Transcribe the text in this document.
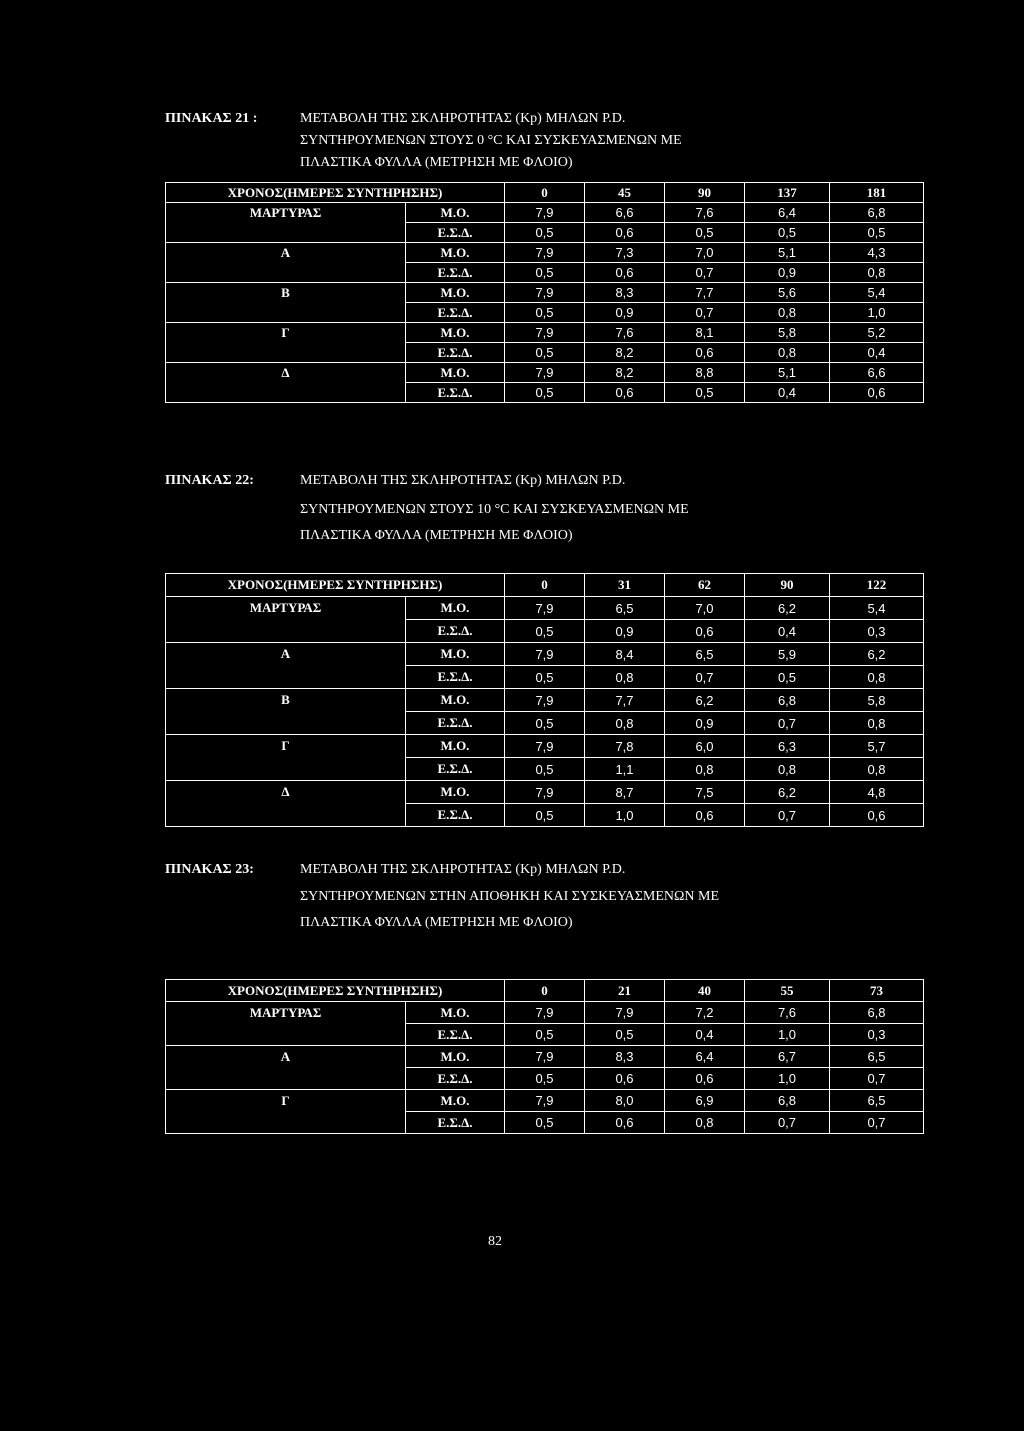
ΠΙΝΑΚΑΣ 21 :	ΜΕΤΑΒΟΛΗ ΤΗΣ ΣΚΛΗΡΟΤΗΤΑΣ (Kp) ΜΗΛΩΝ P.D.
ΣΥΝΤΗΡΟΥΜΕΝΩΝ ΣΤΟΥΣ 0 °C ΚΑΙ ΣΥΣΚΕΥΑΣΜΕΝΩΝ ΜΕ
ΠΛΑΣΤΙΚΑ ΦΥΛΛΑ (ΜΕΤΡΗΣΗ ΜΕ ΦΛΟΙΟ)
ΧΡΟΝΟΣ(ΗΜΕΡΕΣ ΣΥΝΤΗΡΗΣΗΣ)		0	45	90	137	181	
ΜΑΡΤΥΡΑΣ	Μ.Ο.	7,9	6,6	7,6	6,4	6,8	
	Ε.Σ.Δ.	0,5	0,6	0,5	0,5	0,5	
Α	Μ.Ο.	7,9	7,3	7,0	5,1	4,3	
	Ε.Σ.Δ.	0,5	0,6	0,7	0,9	0,8	
Β	Μ.Ο.	7,9	8,3	7,7	5,6	5,4	
	Ε.Σ.Δ.	0,5	0,9	0,7	0,8	1,0	
Γ	Μ.Ο.	7,9	7,6	8,1	5,8	5,2	
	Ε.Σ.Δ.	0,5	8,2	0,6	0,8	0,4	
Δ	Μ.Ο.	7,9	8,2	8,8	5,1	6,6	
	Ε.Σ.Δ.	0,5	0,6	0,5	0,4	0,6	
ΠΙΝΑΚΑΣ 22:	ΜΕΤΑΒΟΛΗ ΤΗΣ ΣΚΛΗΡΟΤΗΤΑΣ (Kp) ΜΗΛΩΝ P.D.
ΣΥΝΤΗΡΟΥΜΕΝΩΝ ΣΤΟΥΣ 10 °C ΚΑΙ ΣΥΣΚΕΥΑΣΜΕΝΩΝ ΜΕ
ΠΛΑΣΤΙΚΑ ΦΥΛΛΑ (ΜΕΤΡΗΣΗ ΜΕ ΦΛΟΙΟ)
ΧΡΟΝΟΣ(ΗΜΕΡΕΣ ΣΥΝΤΗΡΗΣΗΣ)		0	31	62	90	122	
ΜΑΡΤΥΡΑΣ	Μ.Ο.	7,9	6,5	7,0	6,2	5,4	
	Ε.Σ.Δ.	0,5	0,9	0,6	0,4	0,3	
Α	Μ.Ο.	7,9	8,4	6,5	5,9	6,2	
	Ε.Σ.Δ.	0,5	0,8	0,7	0,5	0,8	
Β	Μ.Ο.	7,9	7,7	6,2	6,8	5,8	
	Ε.Σ.Δ.	0,5	0,8	0,9	0,7	0,8	
Γ	Μ.Ο.	7,9	7,8	6,0	6,3	5,7	
	Ε.Σ.Δ.	0,5	1,1	0,8	0,8	0,8	
Δ	Μ.Ο.	7,9	8,7	7,5	6,2	4,8	
	Ε.Σ.Δ.	0,5	1,0	0,6	0,7	0,6	
ΠΙΝΑΚΑΣ 23:	ΜΕΤΑΒΟΛΗ ΤΗΣ ΣΚΛΗΡΟΤΗΤΑΣ (Kp) ΜΗΛΩΝ P.D.
ΣΥΝΤΗΡΟΥΜΕΝΩΝ ΣΤΗΝ ΑΠΟΘΗΚΗ ΚΑΙ ΣΥΣΚΕΥΑΣΜΕΝΩΝ ΜΕ
ΠΛΑΣΤΙΚΑ ΦΥΛΛΑ (ΜΕΤΡΗΣΗ ΜΕ ΦΛΟΙΟ)
ΧΡΟΝΟΣ(ΗΜΕΡΕΣ ΣΥΝΤΗΡΗΣΗΣ)		0	21	40	55	73	
ΜΑΡΤΥΡΑΣ	Μ.Ο.	7,9	7,9	7,2	7,6	6,8	
	Ε.Σ.Δ.	0,5	0,5	0,4	1,0	0,3	
Α	Μ.Ο.	7,9	8,3	6,4	6,7	6,5	
	Ε.Σ.Δ.	0,5	0,6	0,6	1,0	0,7	
Γ	Μ.Ο.	7,9	8,0	6,9	6,8	6,5	
	Ε.Σ.Δ.	0,5	0,6	0,8	0,7	0,7	
82
